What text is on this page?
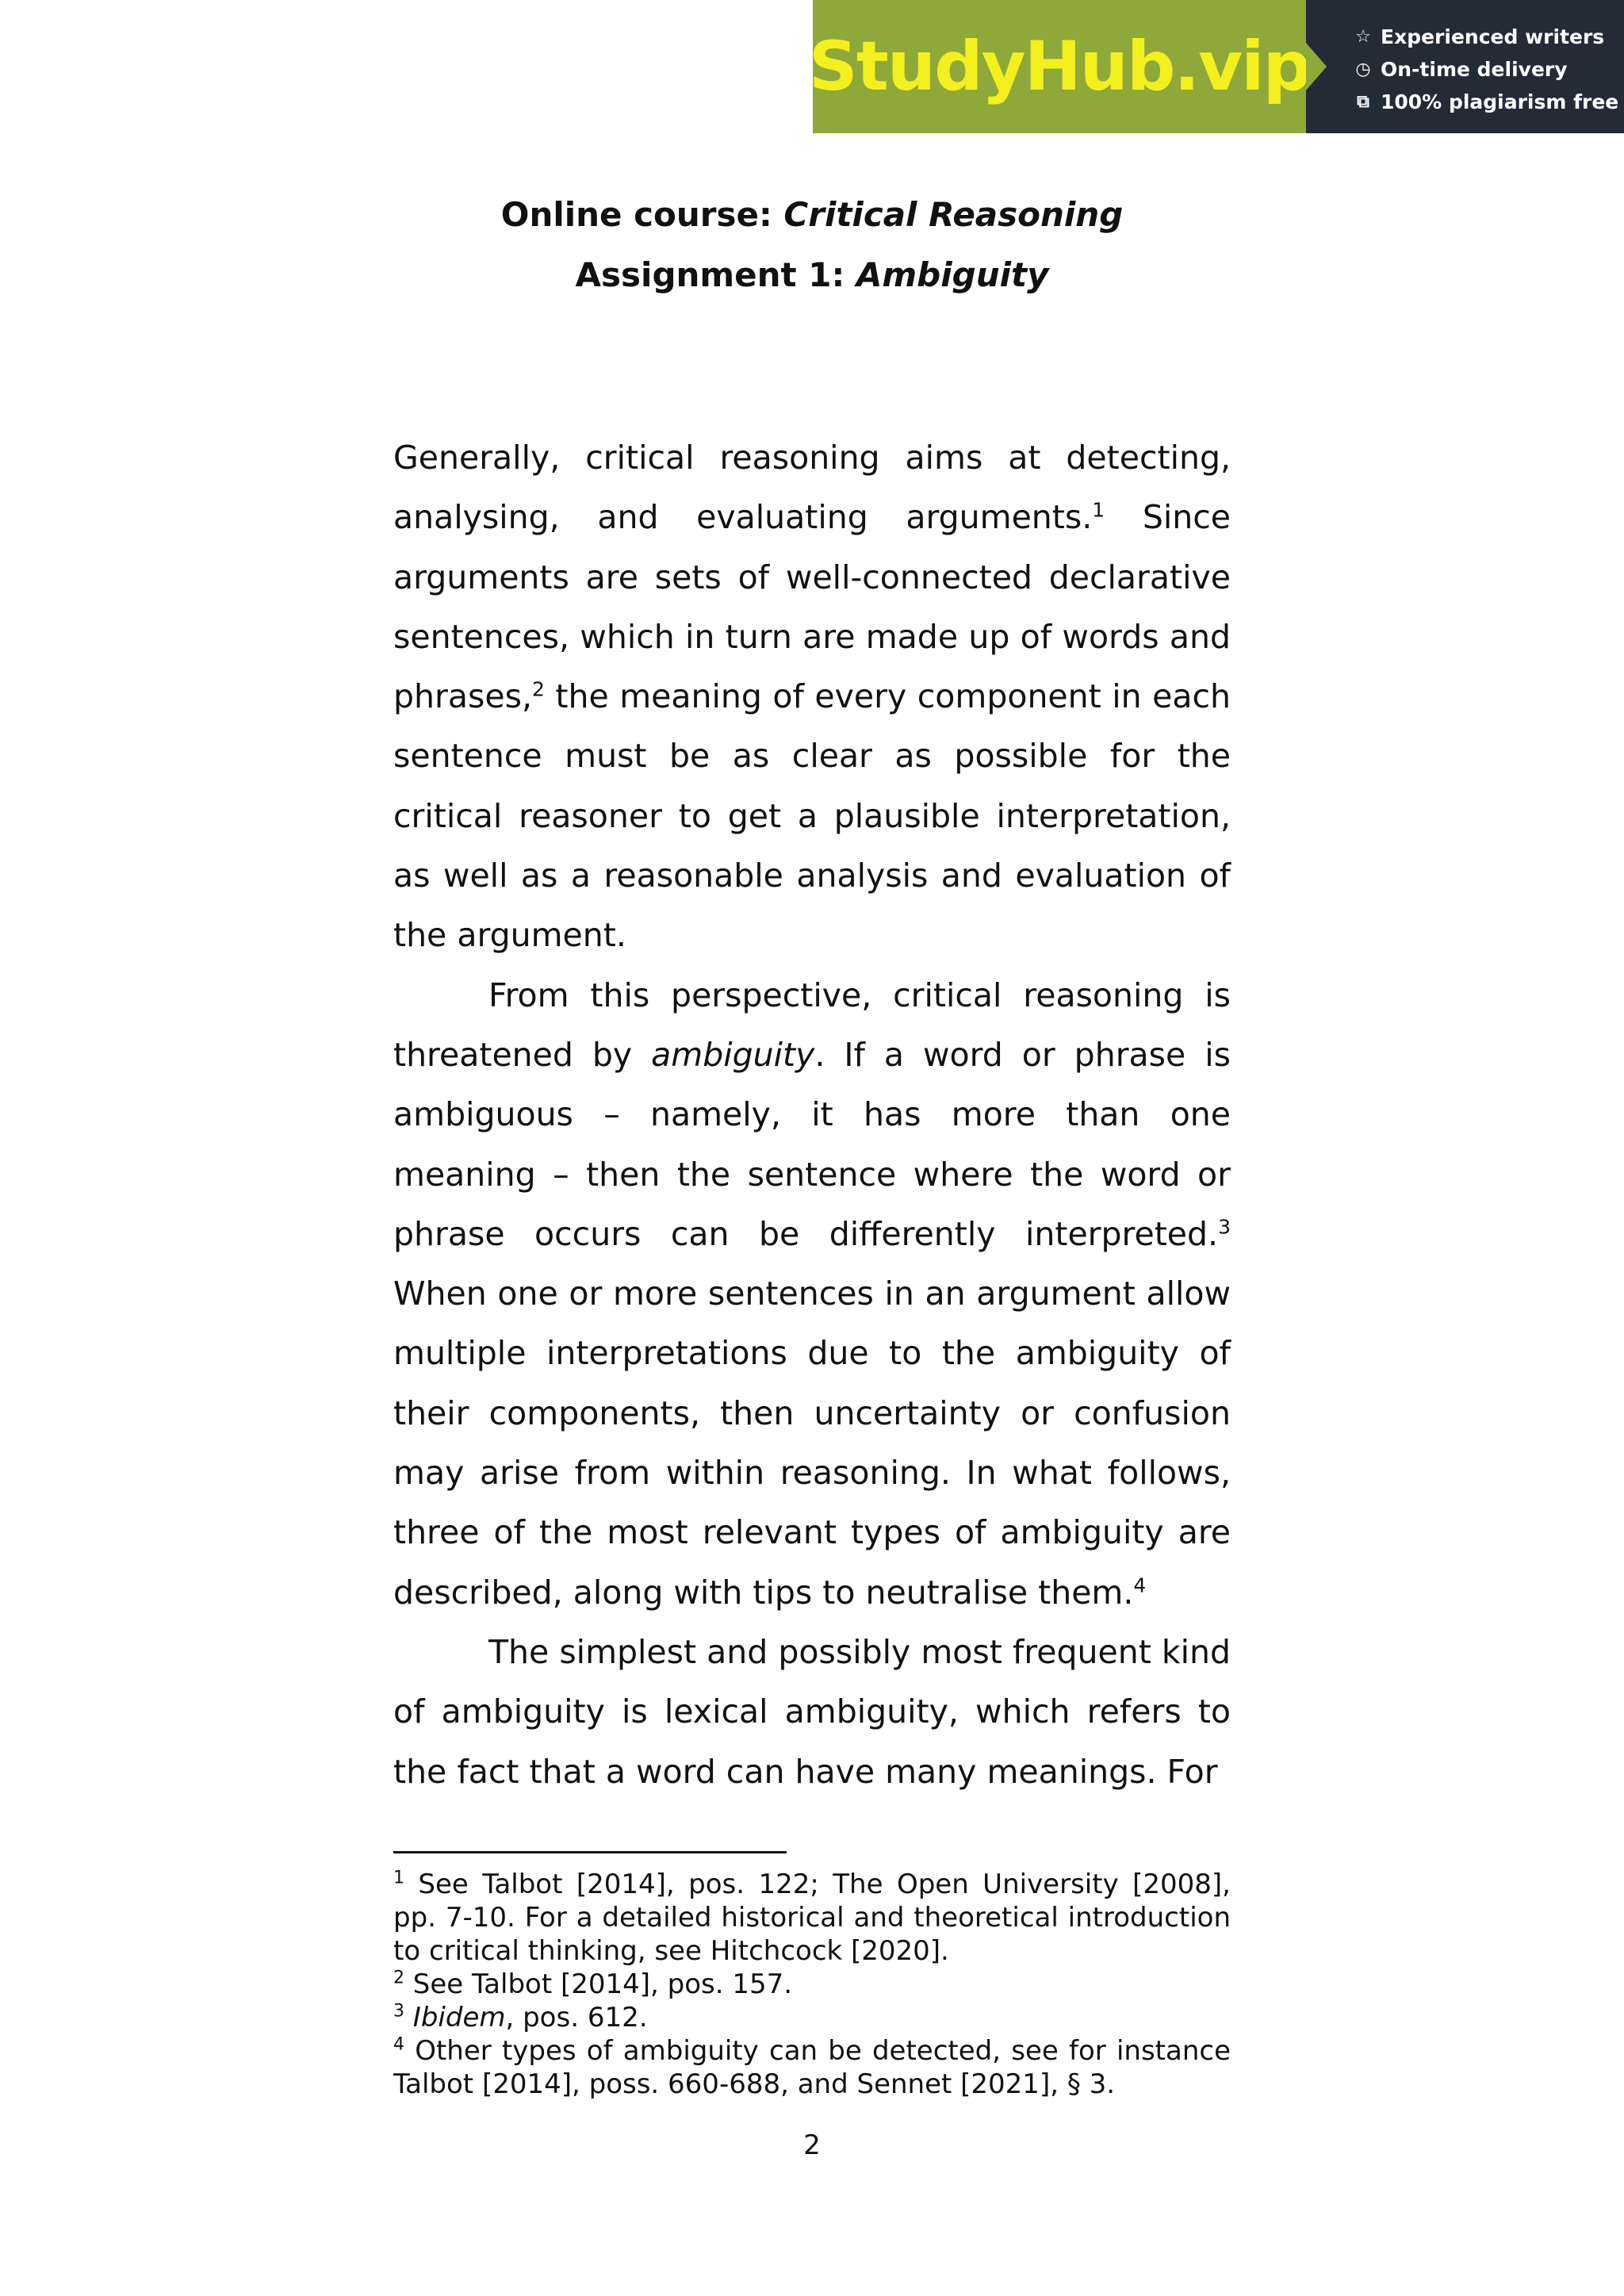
StudyHub.vip	☆ Experienced writers
◷ On-time delivery
⧉ 100% plagiarism free
Online course: Critical Reasoning
Assignment 1: Ambiguity

Generally, critical reasoning aims at detecting, analysing, and evaluating arguments.$^1$ Since arguments are sets of well-connected declarative sentences, which in turn are made up of words and phrases,$^2$ the meaning of every component in each sentence must be as clear as possible for the critical reasoner to get a plausible interpretation, as well as a reasonable analysis and evaluation of the argument.

From this perspective, critical reasoning is threatened by ambiguity. If a word or phrase is ambiguous – namely, it has more than one meaning – then the sentence where the word or phrase occurs can be differently interpreted.$^3$ When one or more sentences in an argument allow multiple interpretations due to the ambiguity of their components, then uncertainty or confusion may arise from within reasoning. In what follows, three of the most relevant types of ambiguity are described, along with tips to neutralise them.$^4$

The simplest and possibly most frequent kind of ambiguity is lexical ambiguity, which refers to the fact that a word can have many meanings. For

$^1$ See Talbot [2014], pos. 122; The Open University [2008], pp. 7-10. For a detailed historical and theoretical introduction to critical thinking, see Hitchcock [2020].

$^2$ See Talbot [2014], pos. 157.

$^3$ Ibidem, pos. 612.

$^4$ Other types of ambiguity can be detected, see for instance Talbot [2014], poss. 660-688, and Sennet [2021], § 3.

2
